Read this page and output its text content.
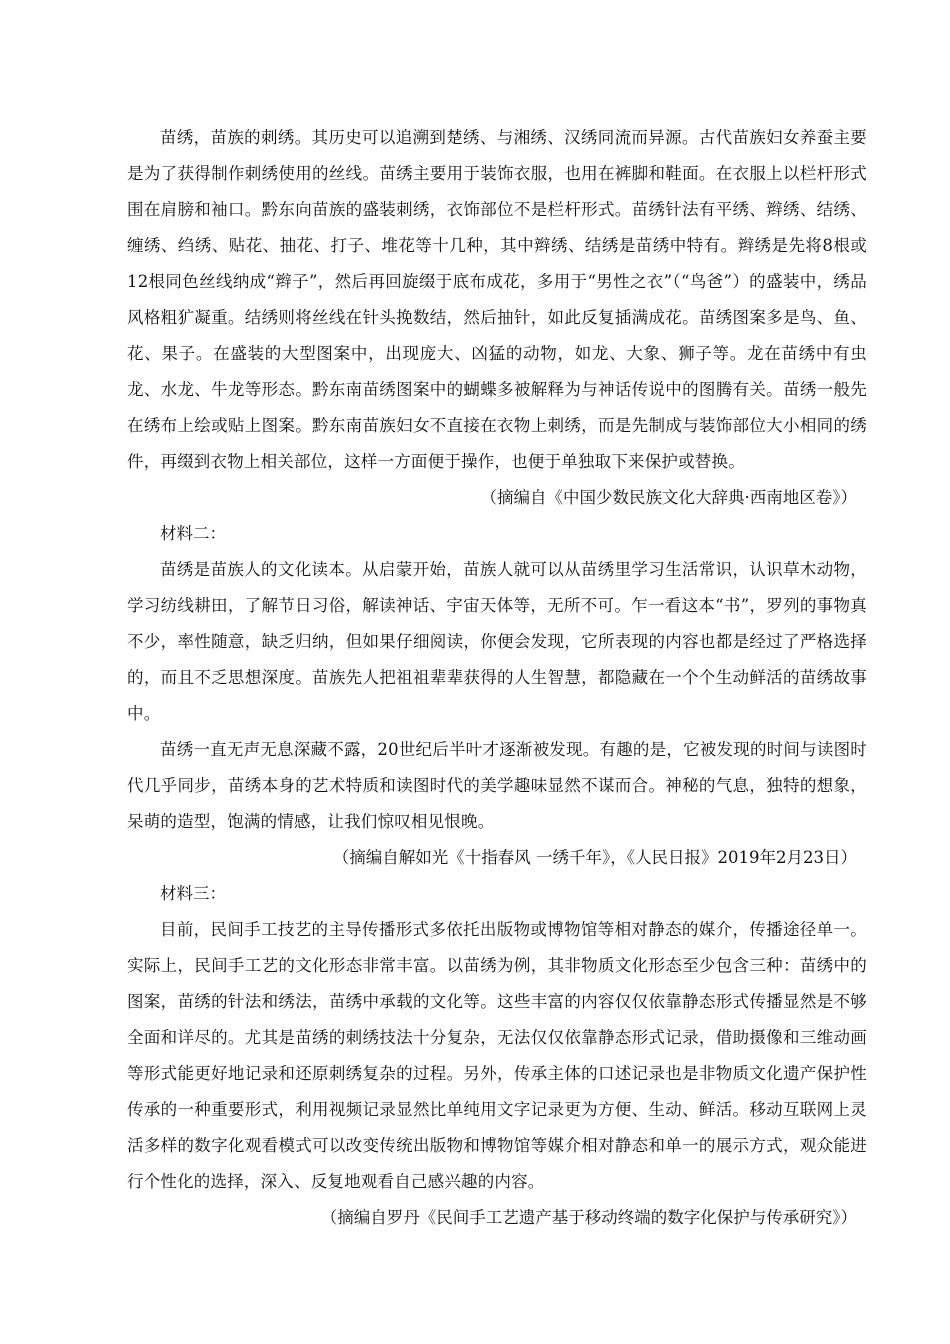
苗绣，苗族的刺绣。其历史可以追溯到楚绣、与湘绣、汉绣同流而异源。古代苗族妇女养蚕主要是为了获得制作刺绣使用的丝线。苗绣主要用于装饰衣服，也用在裤脚和鞋面。在衣服上以栏杆形式围在肩膀和袖口。黔东向苗族的盛装刺绣，衣饰部位不是栏杆形式。苗绣针法有平绣、辫绣、结绣、缠绣、绉绣、贴花、抽花、打子、堆花等十几种，其中辫绣、结绣是苗绣中特有。辫绣是先将8根或12根同色丝线纳成“辫子”，然后再回旋缀于底布成花，多用于“男性之衣”（“鸟爸”）的盛装中，绣品风格粗犷凝重。结绣则将丝线在针头挽数结，然后抽针，如此反复插满成花。苗绣图案多是鸟、鱼、花、果子。在盛装的大型图案中，出现庞大、凶猛的动物，如龙、大象、狮子等。龙在苗绣中有虫龙、水龙、牛龙等形态。黔东南苗绣图案中的蝴蝶多被解释为与神话传说中的图腾有关。苗绣一般先在绣布上绘或贴上图案。黔东南苗族妇女不直接在衣物上刺绣，而是先制成与装饰部位大小相同的绣件，再缀到衣物上相关部位，这样一方面便于操作，也便于单独取下来保护或替换。

（摘编自《中国少数民族文化大辞典·西南地区卷》）

材料二：

苗绣是苗族人的文化读本。从启蒙开始，苗族人就可以从苗绣里学习生活常识，认识草木动物，学习纺线耕田，了解节日习俗，解读神话、宇宙天体等，无所不可。乍一看这本“书”，罗列的事物真不少，率性随意，缺乏归纳，但如果仔细阅读，你便会发现，它所表现的内容也都是经过了严格选择的，而且不乏思想深度。苗族先人把祖祖辈辈获得的人生智慧，都隐藏在一个个生动鲜活的苗绣故事中。

苗绣一直无声无息深藏不露，20世纪后半叶才逐渐被发现。有趣的是，它被发现的时间与读图时代几乎同步，苗绣本身的艺术特质和读图时代的美学趣味显然不谋而合。神秘的气息，独特的想象，呆萌的造型，饱满的情感，让我们惊叹相见恨晚。

（摘编自解如光《十指春风 一绣千年》，《人民日报》2019年2月23日）

材料三：

目前，民间手工技艺的主导传播形式多依托出版物或博物馆等相对静态的媒介，传播途径单一。实际上，民间手工艺的文化形态非常丰富。以苗绣为例，其非物质文化形态至少包含三种：苗绣中的图案，苗绣的针法和绣法，苗绣中承载的文化等。这些丰富的内容仅仅依靠静态形式传播显然是不够全面和详尽的。尤其是苗绣的刺绣技法十分复杂，无法仅仅依靠静态形式记录，借助摄像和三维动画等形式能更好地记录和还原刺绣复杂的过程。另外，传承主体的口述记录也是非物质文化遗产保护性传承的一种重要形式，利用视频记录显然比单纯用文字记录更为方便、生动、鲜活。移动互联网上灵活多样的数字化观看模式可以改变传统出版物和博物馆等媒介相对静态和单一的展示方式，观众能进行个性化的选择，深入、反复地观看自己感兴趣的内容。

（摘编自罗丹《民间手工艺遗产基于移动终端的数字化保护与传承研究》）
